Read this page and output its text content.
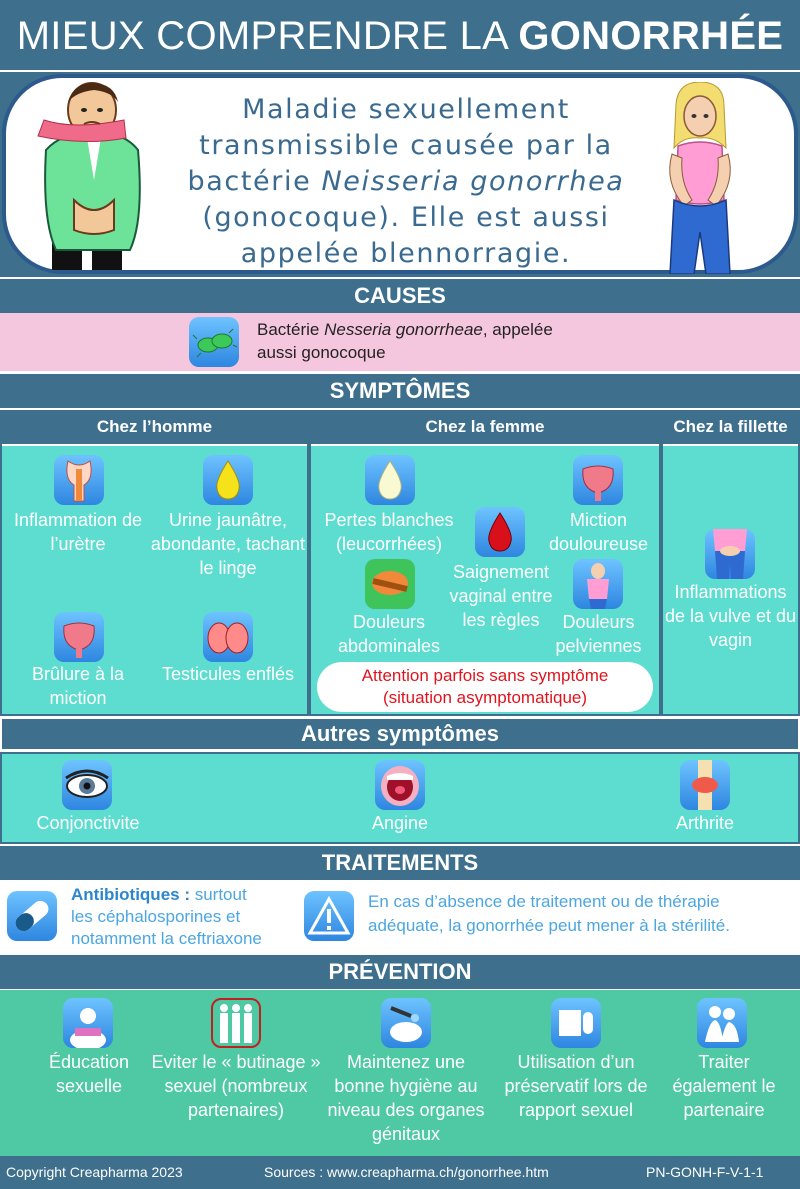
MIEUX COMPRENDRE LA GONORRHÉE
Maladie sexuellement
transmissible causée par la
bactérie Neisseria gonorrhea
(gonocoque). Elle est aussi
appelée blennorragie.
CAUSES
Bactérie Nesseria gonorrheae, appelée
aussi gonocoque
SYMPTÔMES
Chez l’homme	Chez la femme	Chez la fillette
Inflammation de l’urètre
Urine jaunâtre, abondante, tachant le linge
Brûlure à la miction
Testicules enflés
Pertes blanches (leucorrhées)
Saignement vaginal entre les règles
Miction douloureuse
Douleurs abdominales
Douleurs pelviennes
Attention parfois sans symptôme
(situation asymptomatique)
Inflammations de la vulve et du vagin
Autres symptômes
Conjonctivite	Angine	Arthrite
TRAITEMENTS
Antibiotiques : surtout
les céphalosporines et
notamment la ceftriaxone
En cas d’absence de traitement ou de thérapie
adéquate, la gonorrhée peut mener à la stérilité.
PRÉVENTION
Éducation sexuelle
Eviter le « butinage » sexuel (nombreux partenaires)
Maintenez une bonne hygiène au niveau des organes génitaux
Utilisation d’un préservatif lors de rapport sexuel
Traiter également le partenaire
Copyright Creapharma 2023	Sources : www.creapharma.ch/gonorrhee.htm	PN-GONH-F-V-1-1
